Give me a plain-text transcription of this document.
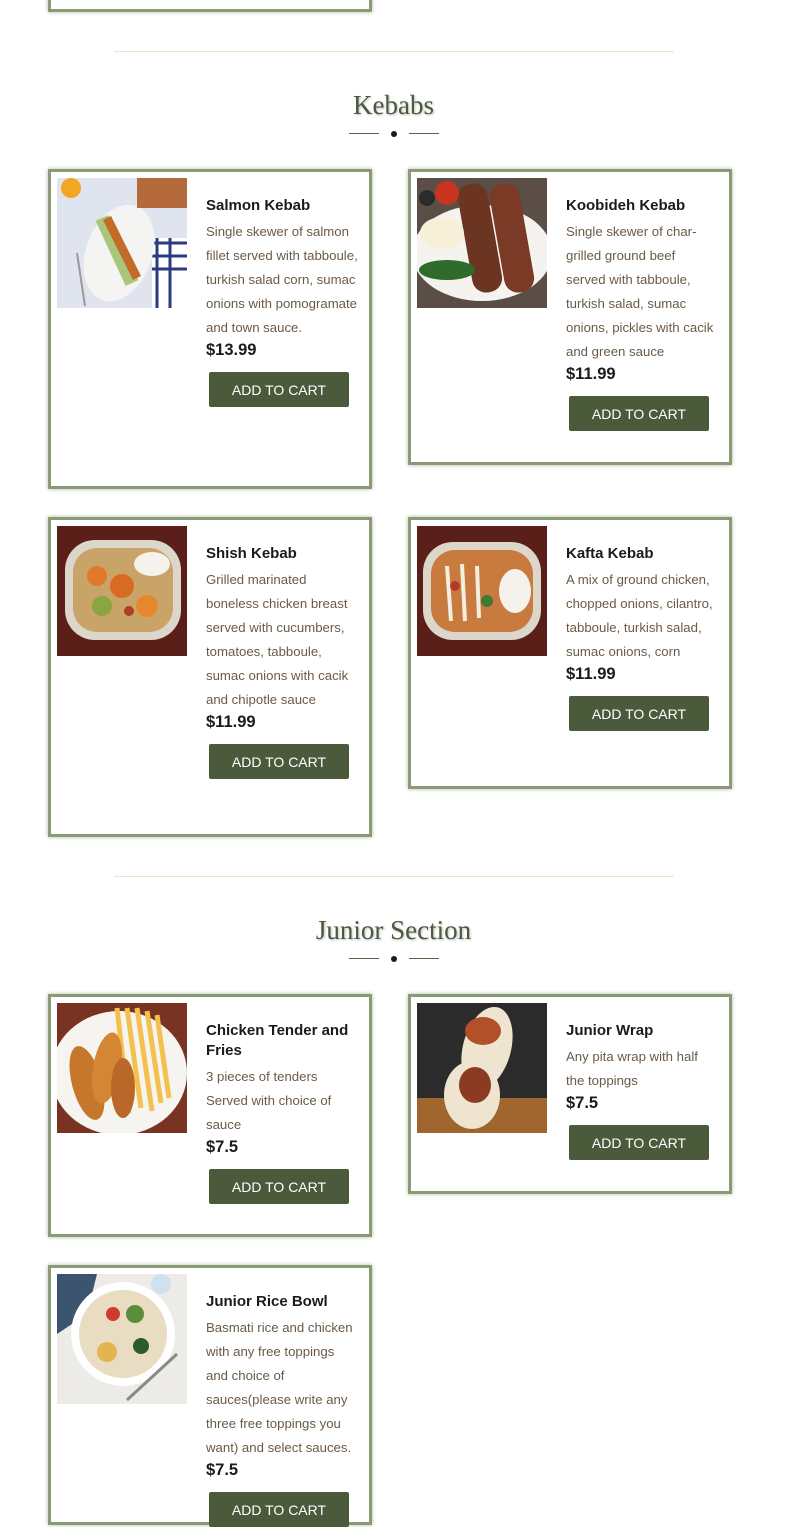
Kebabs
Salmon Kebab
Single skewer of salmon fillet served with tabboule, turkish salad corn, sumac onions with pomogramate and town sauce.
$13.99
ADD TO CART
Koobideh Kebab
Single skewer of char-grilled ground beef served with tabboule, turkish salad, sumac onions, pickles with cacik and green sauce
$11.99
ADD TO CART
Shish Kebab
Grilled marinated boneless chicken breast served with cucumbers, tomatoes, tabboule, sumac onions with cacik and chipotle sauce
$11.99
ADD TO CART
Kafta Kebab
A mix of ground chicken, chopped onions, cilantro, tabboule, turkish salad, sumac onions, corn
$11.99
ADD TO CART
Junior Section
Chicken Tender and Fries
3 pieces of tenders Served with choice of sauce
$7.5
ADD TO CART
Junior Wrap
Any pita wrap with half the toppings
$7.5
ADD TO CART
Junior Rice Bowl
Basmati rice and chicken with any free toppings and choice of sauces(please write any three free toppings you want) and select sauces.
$7.5
ADD TO CART
